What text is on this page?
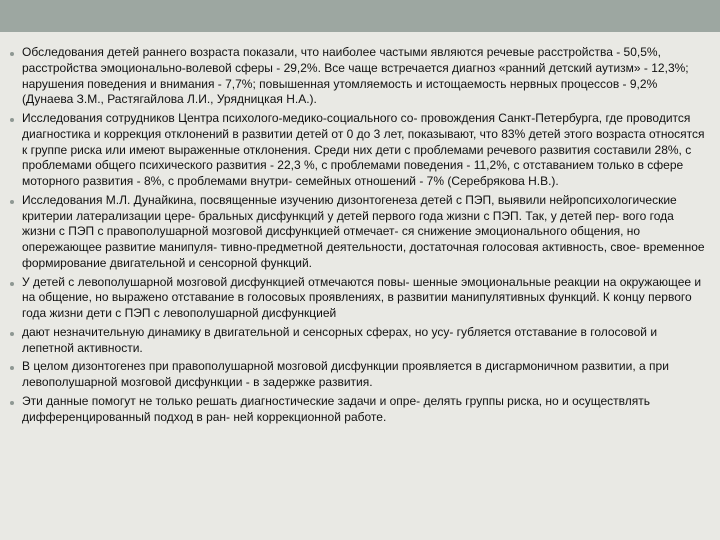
Обследования детей раннего возраста показали, что наиболее частыми являются речевые расстройства - 50,5%, расстройства эмоционально-волевой сферы - 29,2%. Все чаще встречается диагноз «ранний детский аутизм» - 12,3%; нарушения поведения и внимания - 7,7%; повышенная утомляемость и истощаемость нервных процессов - 9,2% (Дунаева З.М., Растягайлова Л.И., Урядницкая Н.А.).
Исследования сотрудников Центра психолого-медико-социального со- провождения Санкт-Петербурга, где проводится диагностика и коррекция отклонений в развитии детей от 0 до 3 лет, показывают, что 83% детей этого возраста относятся к группе риска или имеют выраженные отклонения. Среди них дети с проблемами речевого развития составили 28%, с проблемами общего психического развития - 22,3 %, с проблемами поведения - 11,2%, с отставанием только в сфере моторного развития - 8%, с проблемами внутри- семейных отношений - 7% (Серебрякова Н.В.).
Исследования М.Л. Дунайкина, посвященные изучению дизонтогенеза детей с ПЭП, выявили нейропсихологические критерии латерализации цере- бральных дисфункций у детей первого года жизни с ПЭП. Так, у детей пер- вого года жизни с ПЭП с правополушарной мозговой дисфункцией отмечает- ся снижение эмоционального общения, но опережающее развитие манипуля- тивно-предметной деятельности, достаточная голосовая активность, свое- временное формирование двигательной и сенсорной функций.
У детей с левополушарной мозговой дисфункцией отмечаются повы- шенные эмоциональные реакции на окружающее и на общение, но выражено отставание в голосовых проявлениях, в развитии манипулятивных функций. К концу первого года жизни дети с ПЭП с левополушарной дисфункцией
дают незначительную динамику в двигательной и сенсорных сферах, но усу- губляется отставание в голосовой и лепетной активности.
В целом дизонтогенез при правополушарной мозговой дисфункции проявляется в дисгармоничном развитии, а при левополушарной мозговой дисфункции - в задержке развития.
Эти данные помогут не только решать диагностические задачи и опре- делять группы риска, но и осуществлять дифференцированный подход в ран- ней коррекционной работе.
